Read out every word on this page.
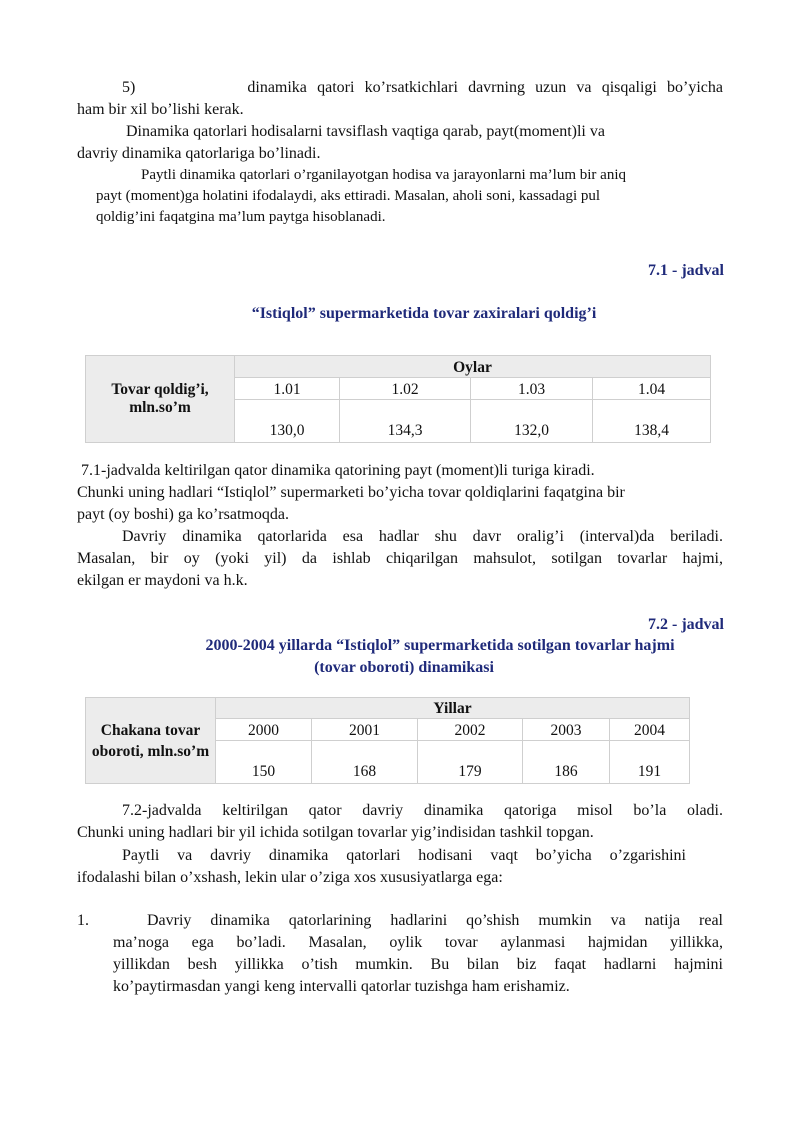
5)           dinamika qatori ko’rsatkichlari davrning uzun va qisqaligi bo’yicha
ham bir xil bo’lishi kerak.
Dinamika qatorlari hodisalarni tavsiflash vaqtiga qarab, payt(moment)li va
davriy dinamika qatorlariga bo’linadi.
Paytli dinamika qatorlari o’rganilayotgan hodisa va jarayonlarni ma’lum bir aniq
payt (moment)ga holatini ifodalaydi, aks ettiradi. Masalan, aholi soni, kassadagi pul
qoldig’ini faqatgina ma’lum paytga hisoblanadi.
7.1 - jadval
“Istiqlol” supermarketida tovar zaxiralari qoldig’i
Tovar qoldig’i, mln.so’m	Oylar			
	1.01	1.02	1.03	1.04
	130,0	134,3	132,0	138,4
7.1-jadvalda keltirilgan qator dinamika qatorining payt (moment)li turiga kiradi.
Chunki uning hadlari “Istiqlol” supermarketi bo’yicha tovar qoldiqlarini faqatgina bir
payt (oy boshi) ga ko’rsatmoqda.
Davriy dinamika qatorlarida esa hadlar shu davr oralig’i (interval)da beriladi.
Masalan, bir oy (yoki yil) da ishlab chiqarilgan mahsulot, sotilgan tovarlar hajmi,
ekilgan er maydoni va h.k.
7.2 - jadval
2000-2004 yillarda “Istiqlol” supermarketida sotilgan tovarlar hajmi
(tovar oboroti) dinamikasi
Chakana tovar oboroti, mln.so’m	Yillar				
	2000	2001	2002	2003	2004
	150	168	179	186	191
7.2-jadvalda keltirilgan qator davriy dinamika qatoriga misol bo’la oladi.
Chunki uning hadlari bir yil ichida sotilgan tovarlar yig’indisidan tashkil topgan.
Paytli va davriy dinamika qatorlari hodisani vaqt bo’yicha o’zgarishini
ifodalashi bilan o’xshash, lekin ular o’ziga xos xususiyatlarga ega:
1.	Davriy dinamika qatorlarining hadlarini qo’shish mumkin va natija real
ma’noga ega bo’ladi. Masalan, oylik tovar aylanmasi hajmidan yillikka,
yillikdan besh yillikka o’tish mumkin. Bu bilan biz faqat hadlarni hajmini
ko’paytirmasdan yangi keng intervalli qatorlar tuzishga ham erishamiz.
